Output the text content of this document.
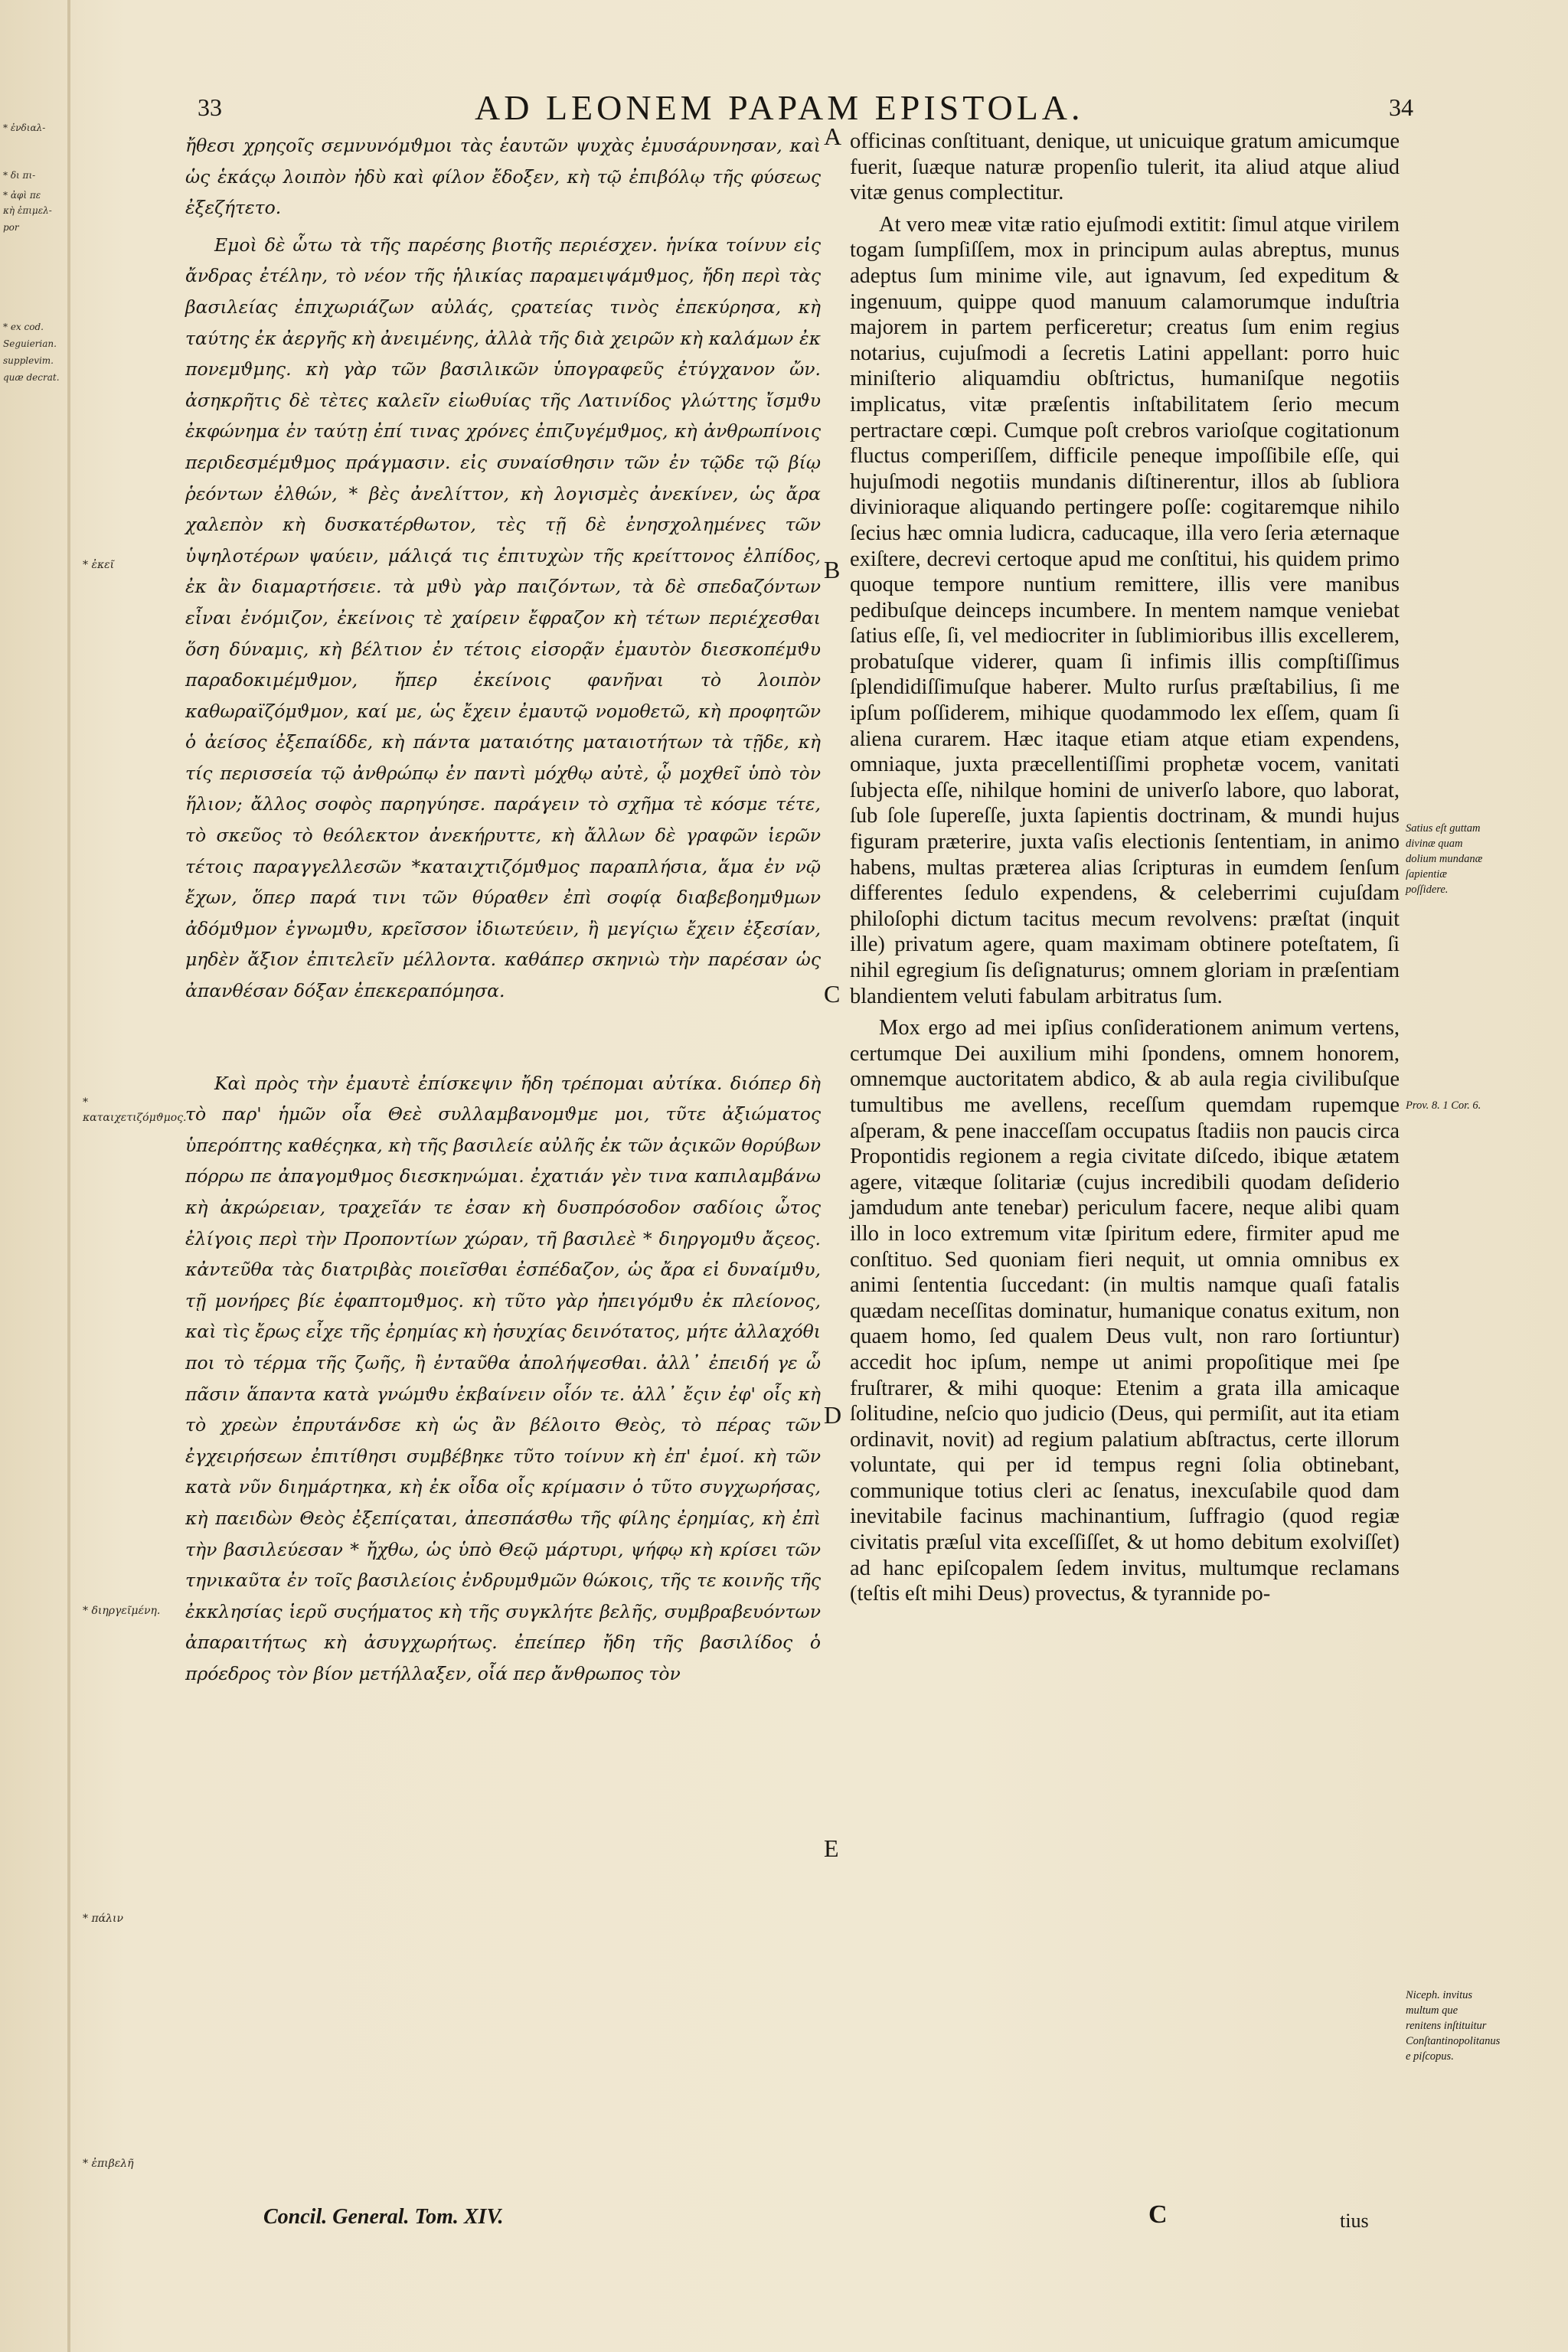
* ἐνδιαλ-
* δι πι-
* ἀφὶ πε
κὴ ἐπιμελ-
por
* ex cod.
Seguierian.
supplevim.
quæ decrat.
33	AD LEONEM PAPAM EPISTOLA.	34
* ἐκεῖ
* καταιχετιζόμϑμος.
* διηργεῖμένη.
* πάλιν
* ἐπιβελῆ

ἤθεσι χρηςοῖς σεμνυνόμϑμοι τὰς ἑαυτῶν ψυχὰς ἐμυσάρυνησαν, καὶ ὡς ἑκάςῳ λοιπὸν ἠδὺ καὶ φίλον ἔδοξεν, κὴ τῷ ἐπιβόλῳ τῆς φύσεως ἐξεζήτετο.

Εμοὶ δὲ ὧτω τὰ τῆς παρέσης βιοτῆς περιέσχεν. ἡνίκα τοίνυν εἰς ἄνδρας ἐτέλην, τὸ νέον τῆς ἡλικίας παραμειψάμϑμος, ἤδη περὶ τὰς βασιλείας ἐπιχωριάζων αὐλάς, ςρατείας τινὸς ἐπεκύρησα, κὴ ταύτης ἐκ ἀεργῆς κὴ ἀνειμένης, ἀλλὰ τῆς διὰ χειρῶν κὴ καλάμων ἐκ πονεμϑμης. κὴ γὰρ τῶν βασιλικῶν ὑπογραφεῦς ἐτύγχανον ὤν. ἀσηκρῆτις δὲ τὲτες καλεῖν εἰωθυίας τῆς Λατινίδος γλώττης ἴσμϑυ ἐκφώνημα ἐν ταύτῃ ἐπί τινας χρόνες ἐπιζυγέμϑμος, κὴ ἀνθρωπίνοις περιδεσμέμϑμος πράγμασιν. εἰς συναίσθησιν τῶν ἐν τῷδε τῷ βίῳ ῥεόντων ἐλθών, * βὲς ἀνελίττον, κὴ λογισμὲς ἀνεκίνεν, ὡς ἄρα χαλεπὸν κὴ δυσκατέρθωτον, τὲς τῇ δὲ ἐνησχολημένες τῶν ὑψηλοτέρων ψαύειν, μάλιςά τις ἐπιτυχὼν τῆς κρείττονος ἐλπίδος, ἐκ ἂν διαμαρτήσειε. τὰ μϑὺ γὰρ παιζόντων, τὰ δὲ σπεδαζόντων εἶναι ἐνόμιζον, ἐκείνοις τὲ χαίρειν ἔφραζον κὴ τέτων περιέχεσθαι ὅση δύναμις, κὴ βέλτιον ἐν τέτοις εἰσορᾷν ἐμαυτὸν διεσκοπέμϑυ παραδοκιμέμϑμον, ἤπερ ἐκείνοις φανῆναι τὸ λοιπὸν καθωραϊζόμϑμον, καί με, ὡς ἔχειν ἐμαυτῷ νομοθετῶ, κὴ προφητῶν ὁ ἀείσος ἐξεπαίδδε, κὴ πάντα ματαιότης ματαιοτήτων τὰ τῇδε, κὴ τίς περισσεία τῷ ἀνθρώπῳ ἐν παντὶ μόχθῳ αὐτὲ, ᾧ μοχθεῖ ὑπὸ τὸν ἥλιον; ἄλλος σοφὸς παρηγύησε. παράγειν τὸ σχῆμα τὲ κόσμε τέτε, τὸ σκεῦος τὸ θεόλεκτον ἀνεκήρυττε, κὴ ἄλλων δὲ γραφῶν ἱερῶν τέτοις παραγγελλεσῶν *καταιχτιζόμϑμος παραπλήσια, ἅμα ἐν νῷ ἔχων, ὅπερ παρά τινι τῶν θύραθεν ἐπὶ σοφίᾳ διαβεβοημϑμων ἀδόμϑμον ἐγνωμϑυ, κρεῖσσον ἰδιωτεύειν, ἢ μεγίςιω ἔχειν ἐξεσίαν, μηδὲν ἄξιον ἐπιτελεῖν μέλλοντα. καθάπερ σκηνιὼ τὴν παρέσαν ὡς ἀπανθέσαν δόξαν ἐπεκεραπόμησα.

Καὶ πρὸς τὴν ἐμαυτὲ ἐπίσκεψιν ἤδη τρέπομαι αὐτίκα. διόπερ δὴ τὸ παρ' ἡμῶν οἷα Θεὲ συλλαμβανομϑμε μοι, τῦτε ἀξιώματος ὑπερόπτης καθέςηκα, κὴ τῆς βασιλείε αὐλῆς ἐκ τῶν ἀςικῶν θορύβων πόρρω πε ἀπαγομϑμος διεσκηνώμαι. ἐχατιάν γὲν τινα καπιλαμβάνω κὴ ἀκρώρειαν, τραχεῖάν τε ἐσαν κὴ δυσπρόσοδον σαδίοις ὧτος ἐλίγοις περὶ τὴν Προποντίων χώραν, τῆ βασιλεὲ * διηργομϑυ ἄςεος. κἀντεῦθα τὰς διατριβὰς ποιεῖσθαι ἐσπέδαζον, ὡς ἄρα εἰ δυναίμϑυ, τῇ μονήρες βίε ἐφαπτομϑμος. κὴ τῦτο γὰρ ἠπειγόμϑυ ἐκ πλείονος, καὶ τὶς ἔρως εἶχε τῆς ἐρημίας κὴ ἡσυχίας δεινότατος, μήτε ἀλλαχόθι ποι τὸ τέρμα τῆς ζωῆς, ἢ ἐνταῦθα ἀπολήψεσθαι. ἀλλ᾽ ἐπειδή γε ὧ πᾶσιν ἅπαντα κατὰ γνώμϑυ ἐκβαίνειν οἷόν τε. ἀλλ᾽ ἔςιν ἐφ' οἷς κὴ τὸ χρεὼν ἐπρυτάνδσε κὴ ὡς ἂν βέλοιτο Θεὸς, τὸ πέρας τῶν ἐγχειρήσεων ἐπιτίθησι συμβέβηκε τῦτο τοίνυν κὴ ἐπ' ἐμοί. κὴ τῶν κατὰ νῦν διημάρτηκα, κὴ ἐκ οἶδα οἷς κρίμασιν ὁ τῦτο συγχωρήσας, κὴ παειδὼν Θεὸς ἐξεπίςαται, ἀπεσπάσθω τῆς φίλης ἐρημίας, κὴ ἐπὶ τὴν βασιλεύεσαν * ἤχθω, ὡς ὑπὸ Θεῷ μάρτυρι, ψήφῳ κὴ κρίσει τῶν τηνικαῦτα ἐν τοῖς βασιλείοις ἐνδρυμϑμῶν θώκοις, τῆς τε κοινῆς τῆς ἐκκλησίας ἱερῦ συςήματος κὴ τῆς συγκλήτε βελῆς, συμβραβευόντων ἀπαραιτήτως κὴ ἀσυγχωρήτως. ἐπείπερ ἤδη τῆς βασιλίδος ὁ πρόεδρος τὸν βίον μετήλλαξεν, οἷά περ ἄνθρωπος τὸν

A
B
C
D
E

officinas conſtituant, denique, ut unicuique gratum amicumque fuerit, ſuæque naturæ propenſio tulerit, ita aliud atque aliud vitæ genus complectitur.

At vero meæ vitæ ratio ejuſmodi extitit: ſimul atque virilem togam ſumpſiſſem, mox in principum aulas abreptus, munus adeptus ſum minime vile, aut ignavum, ſed expeditum & ingenuum, quippe quod manuum calamorumque induſtria majorem in partem perficeretur; creatus ſum enim regius notarius, cujuſmodi a ſecretis Latini appellant: porro huic miniſterio aliquamdiu obſtrictus, humaniſque negotiis implicatus, vitæ præſentis inſtabilitatem ſerio mecum pertractare cœpi. Cumque poſt crebros varioſque cogitationum fluctus comperiſſem, difficile peneque impoſſibile eſſe, qui hujuſmodi negotiis mundanis diſtinerentur, illos ab ſubliora divinioraque aliquando pertingere poſſe: cogitaremque nihilo ſecius hæc omnia ludicra, caducaque, illa vero ſeria æternaque exiſtere, decrevi certoque apud me conſtitui, his quidem primo quoque tempore nuntium remittere, illis vere manibus pedibuſque deinceps incumbere. In mentem namque veniebat ſatius eſſe, ſi, vel mediocriter in ſublimioribus illis excellerem, probatuſque viderer, quam ſi infimis illis compſtiſſimus ſplendidiſſimuſque haberer. Multo rurſus præſtabilius, ſi me ipſum poſſiderem, mihique quodammodo lex eſſem, quam ſi aliena curarem. Hæc itaque etiam atque etiam expendens, omniaque, juxta præcellentiſſimi prophetæ vocem, vanitati ſubjecta eſſe, nihilque homini de univerſo labore, quo laborat, ſub ſole ſupereſſe, juxta ſapientis doctrinam, & mundi hujus figuram præterire, juxta vaſis electionis ſententiam, in animo habens, multas præterea alias ſcripturas in eumdem ſenſum differentes ſedulo expendens, & celeberrimi cujuſdam philoſophi dictum tacitus mecum revolvens: præſtat (inquit ille) privatum agere, quam maximam obtinere poteſtatem, ſi nihil egregium ſis deſignaturus; omnem gloriam in præſentiam blandientem veluti fabulam arbitratus ſum.

Mox ergo ad mei ipſius conſiderationem animum vertens, certumque Dei auxilium mihi ſpondens, omnem honorem, omnemque auctoritatem abdico, & ab aula regia civilibuſque tumultibus me avellens, receſſum quemdam rupemque aſperam, & pene inacceſſam occupatus ſtadiis non paucis circa Propontidis regionem a regia civitate diſcedo, ibique ætatem agere, vitæque ſolitariæ (cujus incredibili quodam deſiderio jamdudum ante tenebar) periculum facere, neque alibi quam illo in loco extremum vitæ ſpiritum edere, firmiter apud me conſtituo. Sed quoniam fieri nequit, ut omnia omnibus ex animi ſententia ſuccedant: (in multis namque quaſi fatalis quædam neceſſitas dominatur, humanique conatus exitum, non quaem homo, ſed qualem Deus vult, non raro ſortiuntur) accedit hoc ipſum, nempe ut animi propoſitique mei ſpe fruſtrarer, & mihi quoque: Etenim a grata illa amicaque ſolitudine, neſcio quo judicio (Deus, qui permiſit, aut ita etiam ordinavit, novit) ad regium palatium abſtractus, certe illorum voluntate, qui per id tempus regni ſolia obtinebant, communique totius cleri ac ſenatus, inexcuſabile quod dam inevitabile facinus machinantium, ſuffragio (quod regiæ civitatis præſul vita exceſſiſſet, & ut homo debitum exolviſſet) ad hanc epiſcopalem ſedem invitus, multumque reclamans (teſtis eſt mihi Deus) provectus, & tyrannide po-

Satius eſt guttam divinæ quam dolium mundanæ ſapientiæ poſſidere.
Prov. 8. 1 Cor. 6.
Niceph. invitus multum que renitens inſtituitur Conſtantinopolitanus e piſcopus.
Concil. General. Tom. XIV.	C	tius
